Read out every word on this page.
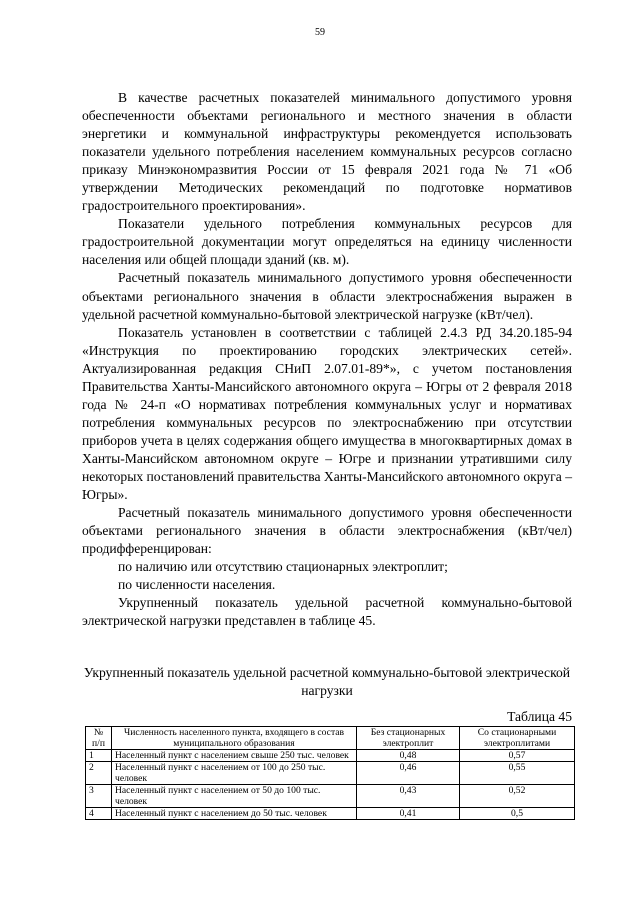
59

В качестве расчетных показателей минимального допустимого уровня обеспеченности объектами регионального и местного значения в области энергетики и коммунальной инфраструктуры рекомендуется использовать показатели удельного потребления населением коммунальных ресурсов согласно приказу Минэкономразвития России от 15 февраля 2021 года № 71 «Об утверждении Методических рекомендаций по подготовке нормативов градостроительного проектирования».

Показатели удельного потребления коммунальных ресурсов для градостроительной документации могут определяться на единицу численности населения или общей площади зданий (кв. м).

Расчетный показатель минимального допустимого уровня обеспеченности объектами регионального значения в области электроснабжения выражен в удельной расчетной коммунально-бытовой электрической нагрузке (кВт/чел).

Показатель установлен в соответствии с таблицей 2.4.3 РД 34.20.185-94 «Инструкция по проектированию городских электрических сетей». Актуализированная редакция СНиП 2.07.01-89*», с учетом постановления Правительства Ханты-Мансийского автономного округа – Югры от 2 февраля 2018 года № 24-п «О нормативах потребления коммунальных услуг и нормативах потребления коммунальных ресурсов по электроснабжению при отсутствии приборов учета в целях содержания общего имущества в многоквартирных домах в Ханты-Мансийском автономном округе – Югре и признании утратившими силу некоторых постановлений правительства Ханты-Мансийского автономного округа – Югры».

Расчетный показатель минимального допустимого уровня обеспеченности объектами регионального значения в области электроснабжения (кВт/чел) продифференцирован:

по наличию или отсутствию стационарных электроплит;

по численности населения.

Укрупненный показатель удельной расчетной коммунально-бытовой электрической нагрузки представлен в таблице 45.

Укрупненный показатель удельной расчетной коммунально-бытовой электрической нагрузки
Таблица 45
№ п/п	Численность населенного пункта, входящего в состав муниципального образования	Без стационарных электроплит	Со стационарными электроплитами
1	Населенный пункт с населением свыше 250 тыс. человек	0,48	0,57
2	Населенный пункт с населением от 100 до 250 тыс. человек	0,46	0,55
3	Населенный пункт с населением от 50 до 100 тыс. человек	0,43	0,52
4	Населенный пункт с населением до 50 тыс. человек	0,41	0,5
